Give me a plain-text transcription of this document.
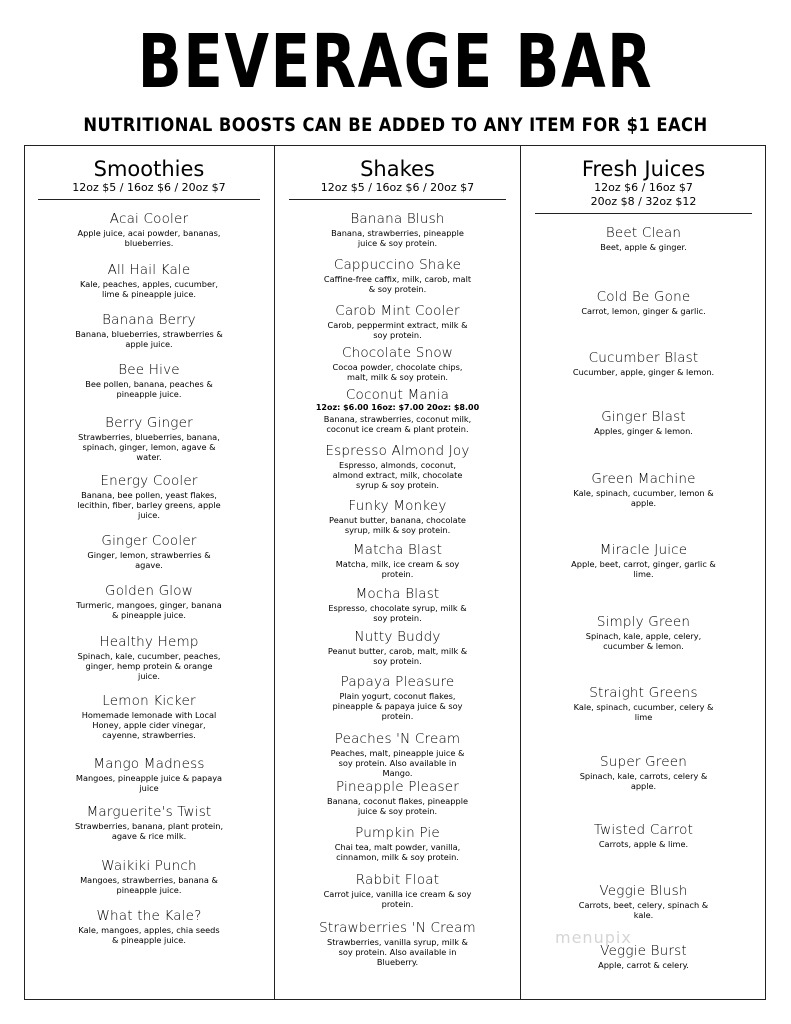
BEVERAGE BAR
NUTRITIONAL BOOSTS CAN BE ADDED TO ANY ITEM FOR $1 EACH
Smoothies
12oz $5 / 16oz $6 / 20oz $7
Acai Cooler
Apple juice, acai powder, bananas, blueberries.
All Hail Kale
Kale, peaches, apples, cucumber, lime & pineapple juice.
Banana Berry
Banana, blueberries, strawberries & apple juice.
Bee Hive
Bee pollen, banana, peaches & pineapple juice.
Berry Ginger
Strawberries, blueberries, banana, spinach, ginger, lemon, agave & water.
Energy Cooler
Banana, bee pollen, yeast flakes, lecithin, fiber, barley greens, apple juice.
Ginger Cooler
Ginger, lemon, strawberries & agave.
Golden Glow
Turmeric, mangoes, ginger, banana & pineapple juice.
Healthy Hemp
Spinach, kale, cucumber, peaches, ginger, hemp protein & orange juice.
Lemon Kicker
Homemade lemonade with Local Honey, apple cider vinegar, cayenne, strawberries.
Mango Madness
Mangoes, pineapple juice & papaya juice
Marguerite's Twist
Strawberries, banana, plant protein, agave & rice milk.
Waikiki Punch
Mangoes, strawberries, banana & pineapple juice.
What the Kale?
Kale, mangoes, apples, chia seeds & pineapple juice.
Shakes
12oz $5 / 16oz $6 / 20oz $7
Banana Blush
Banana, strawberries, pineapple juice & soy protein.
Cappuccino Shake
Caffine-free caffix, milk, carob, malt & soy protein.
Carob Mint Cooler
Carob, peppermint extract, milk & soy protein.
Chocolate Snow
Cocoa powder, chocolate chips, malt, milk & soy protein.
Coconut Mania
12oz: $6.00 16oz: $7.00 20oz: $8.00
Banana, strawberries, coconut milk, coconut ice cream & plant protein.
Espresso Almond Joy
Espresso, almonds, coconut, almond extract, milk, chocolate syrup & soy protein.
Funky Monkey
Peanut butter, banana, chocolate syrup, milk & soy protein.
Matcha Blast
Matcha, milk, ice cream & soy protein.
Mocha Blast
Espresso, chocolate syrup, milk & soy protein.
Nutty Buddy
Peanut butter, carob, malt, milk & soy protein.
Papaya Pleasure
Plain yogurt, coconut flakes, pineapple & papaya juice & soy protein.
Peaches 'N Cream
Peaches, malt, pineapple juice & soy protein. Also available in Mango.
Pineapple Pleaser
Banana, coconut flakes, pineapple juice & soy protein.
Pumpkin Pie
Chai tea, malt powder, vanilla, cinnamon, milk & soy protein.
Rabbit Float
Carrot juice, vanilla ice cream & soy protein.
Strawberries 'N Cream
Strawberries, vanilla syrup, milk & soy protein. Also available in Blueberry.
Fresh Juices
12oz $6 / 16oz $7
20oz $8 / 32oz $12
Beet Clean
Beet, apple & ginger.
Cold Be Gone
Carrot, lemon, ginger & garlic.
Cucumber Blast
Cucumber, apple, ginger & lemon.
Ginger Blast
Apples, ginger & lemon.
Green Machine
Kale, spinach, cucumber, lemon & apple.
Miracle Juice
Apple, beet, carrot, ginger, garlic & lime.
Simply Green
Spinach, kale, apple, celery, cucumber & lemon.
Straight Greens
Kale, spinach, cucumber, celery & lime
Super Green
Spinach, kale, carrots, celery & apple.
Twisted Carrot
Carrots, apple & lime.
Veggie Blush
Carrots, beet, celery, spinach & kale.
Veggie Burst
Apple, carrot & celery.
menupix
